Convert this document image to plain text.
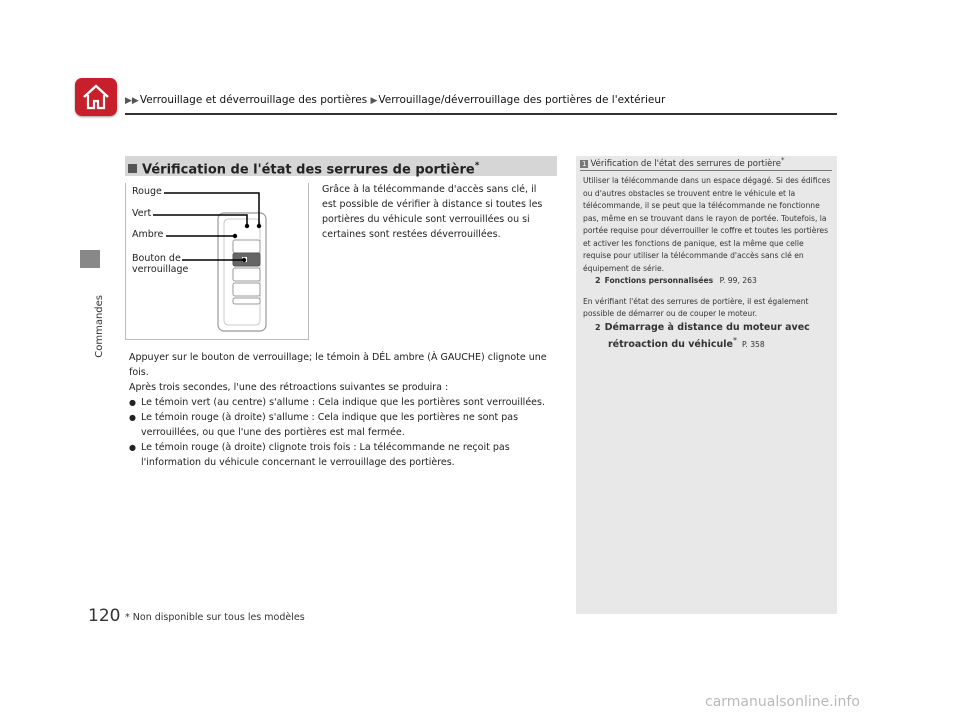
▶▶Verrouillage et déverrouillage des portières ▶Verrouillage/déverrouillage des portières de l'extérieur
Commandes
Vérification de l'état des serrures de portière*
Rouge
Vert
Ambre
Bouton de
verrouillage
Grâce à la télécommande d'accès sans clé, il est possible de vérifier à distance si toutes les portières du véhicule sont verrouillées ou si certaines sont restées déverrouillées.

Appuyer sur le bouton de verrouillage; le témoin à DÉL ambre (À GAUCHE) clignote une fois.

Après trois secondes, l'une des rétroactions suivantes se produira :

● Le témoin vert (au centre) s'allume : Cela indique que les portières sont verrouillées.
● Le témoin rouge (à droite) s'allume : Cela indique que les portières ne sont pas verrouillées, ou que l'une des portières est mal fermée.
● Le témoin rouge (à droite) clignote trois fois : La télécommande ne reçoit pas l'information du véhicule concernant le verrouillage des portières.
1 Vérification de l'état des serrures de portière*

Utiliser la télécommande dans un espace dégagé. Si des édifices ou d'autres obstacles se trouvent entre le véhicule et la télécommande, il se peut que la télécommande ne fonctionne pas, même en se trouvant dans le rayon de portée. Toutefois, la portée requise pour déverrouiller le coffre et toutes les portières et activer les fonctions de panique, est la même que celle requise pour utiliser la télécommande d'accès sans clé en équipement de série.

2 Fonctions personnalisées P. 99, 263

En vérifiant l'état des serrures de portière, il est également possible de démarrer ou de couper le moteur.

2 Démarrage à distance du moteur avec
rétroaction du véhicule* P. 358

120 * Non disponible sur tous les modèles
carmanualsonline.info
